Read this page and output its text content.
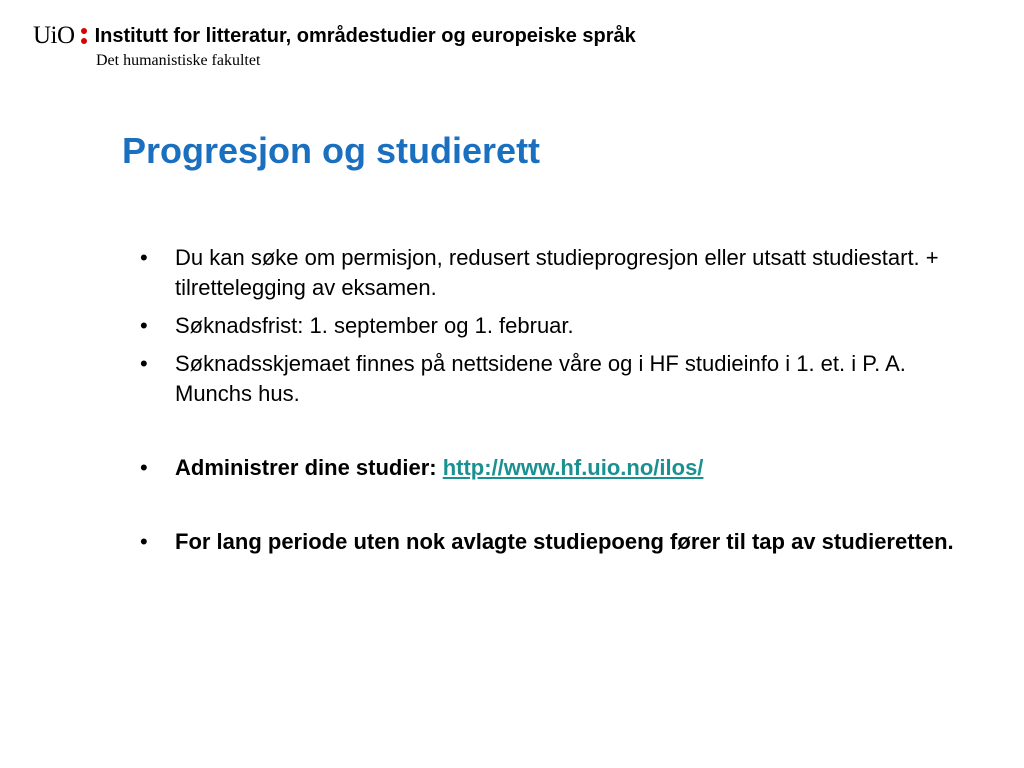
UiO Institutt for litteratur, områdestudier og europeiske språk
Det humanistiske fakultet
Progresjon og studierett
•	Du kan søke om permisjon, redusert studieprogresjon eller utsatt studiestart. + tilrettelegging av eksamen.
•	Søknadsfrist: 1. september og 1. februar.
•	Søknadsskjemaet finnes på nettsidene våre og i HF studieinfo i 1. et. i P. A. Munchs hus.
•	Administrer dine studier: http://www.hf.uio.no/ilos/
•	For lang periode uten nok avlagte studiepoeng fører til tap av studieretten.
